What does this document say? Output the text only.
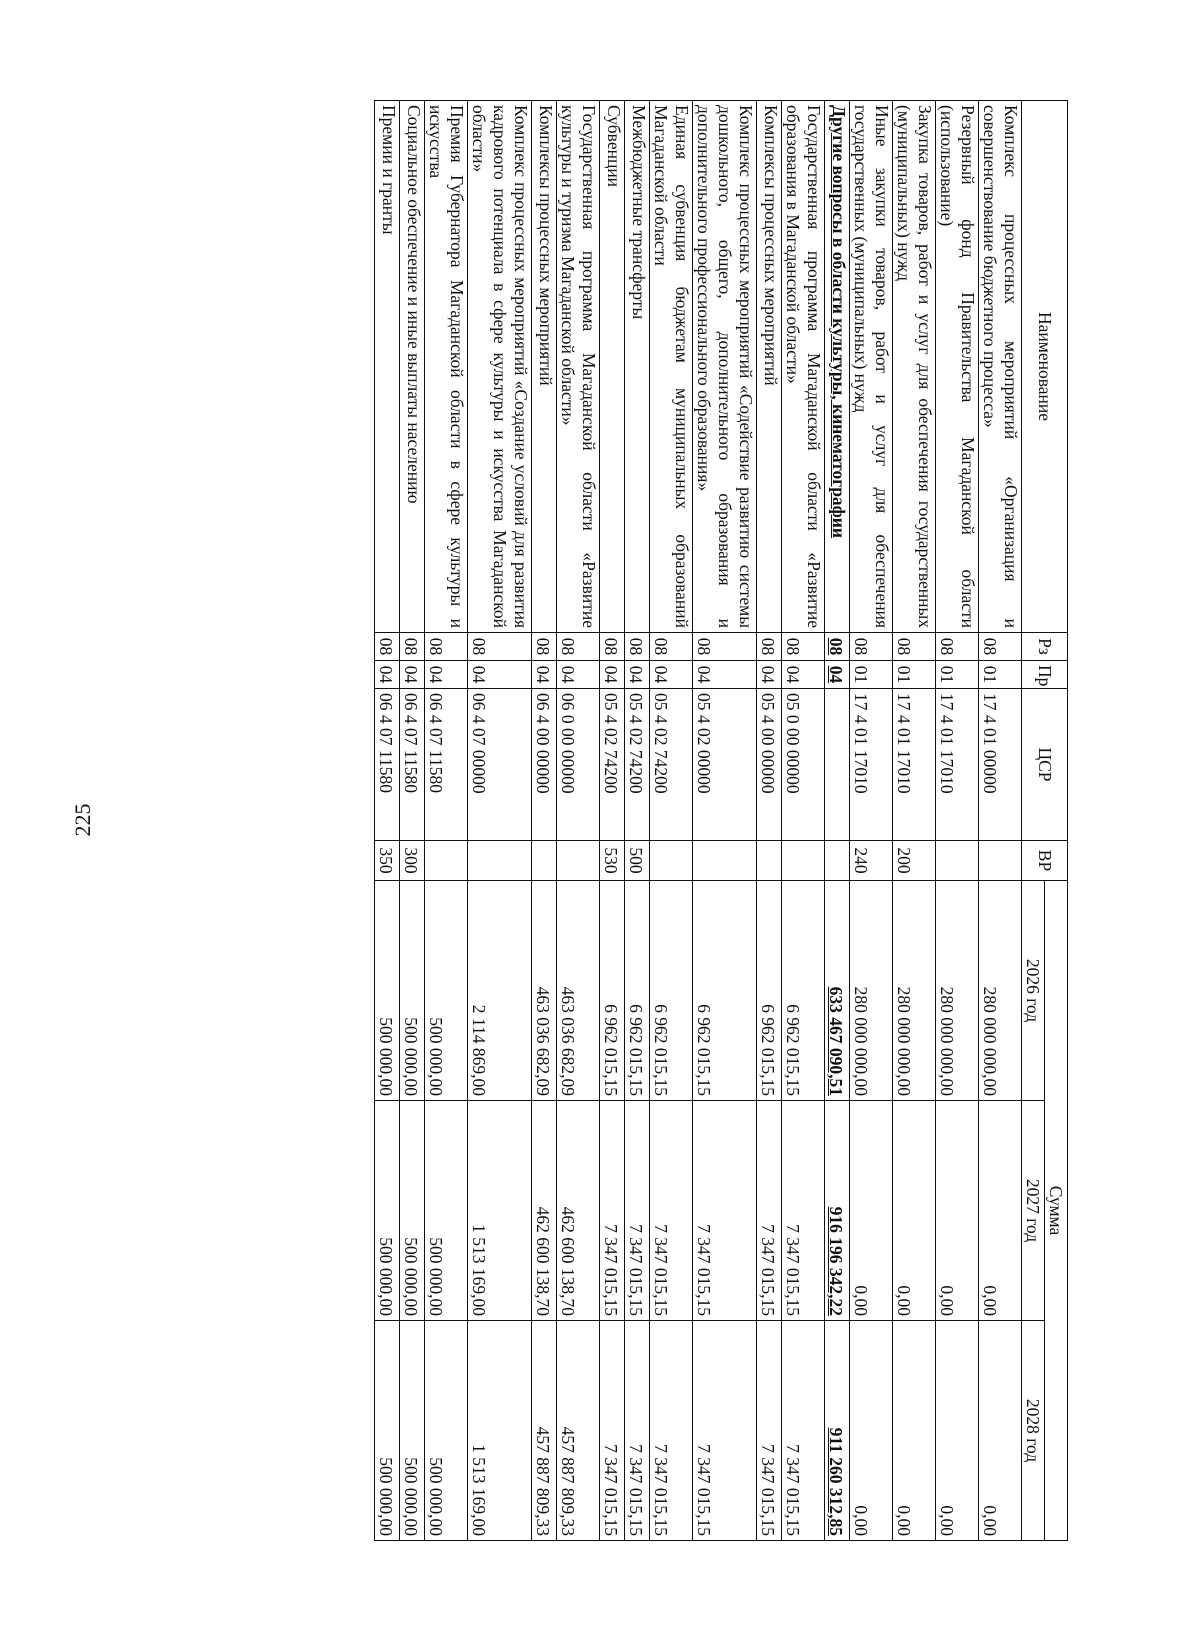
225
Наименование	Рз	Пр	ЦСР	ВР	Сумма		
					2026 год	2027 год	2028 год
Комплекс процессных мероприятий «Организация и совершенствование бюджетного процесса»	08	01	17 4 01 00000		280 000 000,00	0,00	0,00
Резервный фонд Правительства Магаданской области (использование)	08	01	17 4 01 17010		280 000 000,00	0,00	0,00
Закупка товаров, работ и услуг для обеспечения государственных (муниципальных) нужд	08	01	17 4 01 17010	200	280 000 000,00	0,00	0,00
Иные закупки товаров, работ и услуг для обеспечения государственных (муниципальных) нужд	08	01	17 4 01 17010	240	280 000 000,00	0,00	0,00
Другие вопросы в области культуры, кинематографии	08	04			633 467 090,51	916 196 342,22	911 260 312,85
Государственная программа Магаданской области «Развитие образования в Магаданской области»	08	04	05 0 00 00000		6 962 015,15	7 347 015,15	7 347 015,15
Комплексы процессных мероприятий	08	04	05 4 00 00000		6 962 015,15	7 347 015,15	7 347 015,15
Комплекс процессных мероприятий «Содействие развитию системы дошкольного, общего, дополнительного образования и дополнительного профессионального образования»	08	04	05 4 02 00000		6 962 015,15	7 347 015,15	7 347 015,15
Единая субвенция бюджетам муниципальных образований Магаданской области	08	04	05 4 02 74200		6 962 015,15	7 347 015,15	7 347 015,15
Межбюджетные трансферты	08	04	05 4 02 74200	500	6 962 015,15	7 347 015,15	7 347 015,15
Субвенции	08	04	05 4 02 74200	530	6 962 015,15	7 347 015,15	7 347 015,15
Государственная программа Магаданской области «Развитие культуры и туризма Магаданской области»	08	04	06 0 00 00000		463 036 682,09	462 600 138,70	457 887 809,33
Комплексы процессных мероприятий	08	04	06 4 00 00000		463 036 682,09	462 600 138,70	457 887 809,33
Комплекс процессных мероприятий «Создание условий для развития кадрового потенциала в сфере культуры и искусства Магаданской области»	08	04	06 4 07 00000		2 114 869,00	1 513 169,00	1 513 169,00
Премия Губернатора Магаданской области в сфере культуры и искусства	08	04	06 4 07 11580		500 000,00	500 000,00	500 000,00
Социальное обеспечение и иные выплаты населению	08	04	06 4 07 11580	300	500 000,00	500 000,00	500 000,00
Премии и гранты	08	04	06 4 07 11580	350	500 000,00	500 000,00	500 000,00
